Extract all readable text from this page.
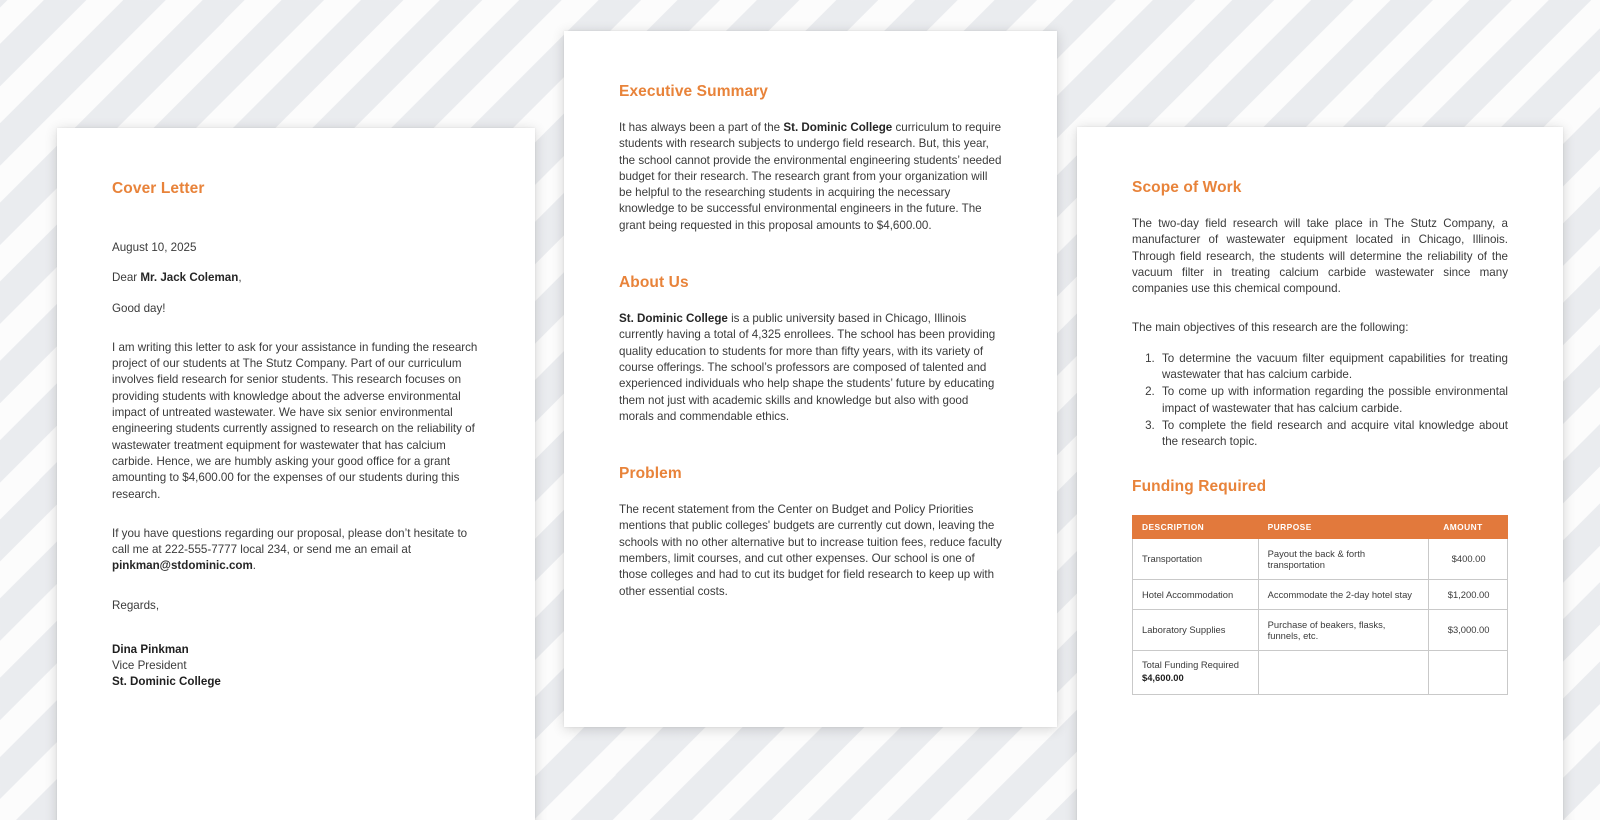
Cover Letter
August 10, 2025
Dear Mr. Jack Coleman,
Good day!
I am writing this letter to ask for your assistance in funding the research project of our students at The Stutz Company. Part of our curriculum involves field research for senior students. This research focuses on providing students with knowledge about the adverse environmental impact of untreated wastewater. We have six senior environmental engineering students currently assigned to research on the reliability of wastewater treatment equipment for wastewater that has calcium carbide. Hence, we are humbly asking your good office for a grant amounting to $4,600.00 for the expenses of our students during this research.
If you have questions regarding our proposal, please don’t hesitate to call me at 222-555-7777 local 234, or send me an email at pinkman@stdominic.com.
Regards,
Dina Pinkman
Vice President
St. Dominic College
Executive Summary
It has always been a part of the St. Dominic College curriculum to require students with research subjects to undergo field research. But, this year, the school cannot provide the environmental engineering students’ needed budget for their research. The research grant from your organization will be helpful to the researching students in acquiring the necessary knowledge to be successful environmental engineers in the future. The grant being requested in this proposal amounts to $4,600.00.
About Us
St. Dominic College is a public university based in Chicago, Illinois currently having a total of 4,325 enrollees. The school has been providing quality education to students for more than fifty years, with its variety of course offerings. The school’s professors are composed of talented and experienced individuals who help shape the students’ future by educating them not just with academic skills and knowledge but also with good morals and commendable ethics.
Problem
The recent statement from the Center on Budget and Policy Priorities mentions that public colleges' budgets are currently cut down, leaving the schools with no other alternative but to increase tuition fees, reduce faculty members, limit courses, and cut other expenses. Our school is one of those colleges and had to cut its budget for field research to keep up with other essential costs.
Scope of Work
The two-day field research will take place in The Stutz Company, a manufacturer of wastewater equipment located in Chicago, Illinois. Through field research, the students will determine the reliability of the vacuum filter in treating calcium carbide wastewater since many companies use this chemical compound.
The main objectives of this research are the following:
1. To determine the vacuum filter equipment capabilities for treating wastewater that has calcium carbide.
2. To come up with information regarding the possible environmental impact of wastewater that has calcium carbide.
3. To complete the field research and acquire vital knowledge about the research topic.
Funding Required
DESCRIPTION	PURPOSE	AMOUNT
Transportation	Payout the back & forth transportation	$400.00
Hotel Accommodation	Accommodate the 2-day hotel stay	$1,200.00
Laboratory Supplies	Purchase of beakers, flasks, funnels, etc.	$3,000.00
Total Funding Required
$4,600.00		
